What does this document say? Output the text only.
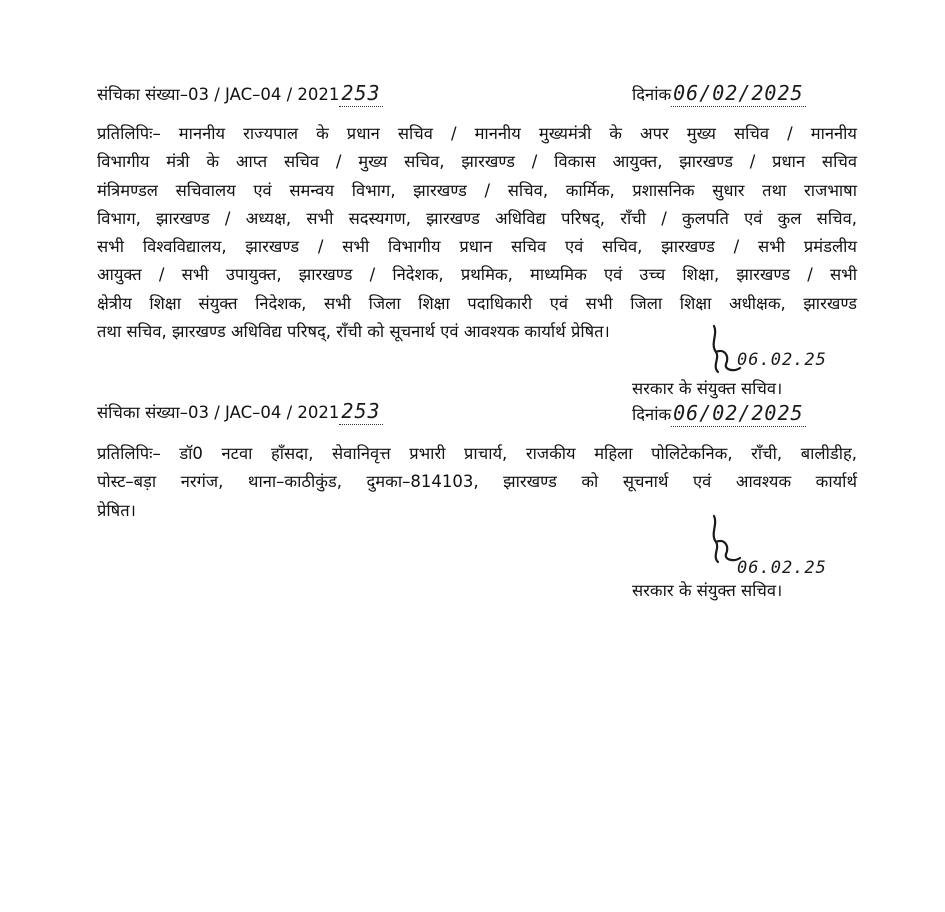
संचिका संख्या–03 / JAC–04 / 2021 253	दिनांक 06/02/2025
प्रतिलिपिः– माननीय राज्यपाल के प्रधान सचिव / माननीय मुख्यमंत्री के अपर मुख्य सचिव / माननीय
विभागीय मंत्री के आप्त सचिव / मुख्य सचिव, झारखण्ड / विकास आयुक्त, झारखण्ड / प्रधान सचिव
मंत्रिमण्डल सचिवालय एवं समन्वय विभाग, झारखण्ड / सचिव, कार्मिक, प्रशासनिक सुधार तथा राजभाषा
विभाग, झारखण्ड / अध्यक्ष, सभी सदस्यगण, झारखण्ड अधिविद्य परिषद्, राँची / कुलपति एवं कुल सचिव,
सभी विश्वविद्यालय, झारखण्ड / सभी विभागीय प्रधान सचिव एवं सचिव, झारखण्ड / सभी प्रमंडलीय
आयुक्त / सभी उपायुक्त, झारखण्ड / निदेशक, प्रथमिक, माध्यमिक एवं उच्च शिक्षा, झारखण्ड / सभी
क्षेत्रीय शिक्षा संयुक्त निदेशक, सभी जिला शिक्षा पदाधिकारी एवं सभी जिला शिक्षा अधीक्षक, झारखण्ड
तथा सचिव, झारखण्ड अधिविद्य परिषद्, राँची को सूचनार्थ एवं आवश्यक कार्यार्थ प्रेषित।
06.02.25
सरकार के संयुक्त सचिव।
संचिका संख्या–03 / JAC–04 / 2021 253	दिनांक 06/02/2025
प्रतिलिपिः– डॉ0 नटवा हाँसदा, सेवानिवृत्त प्रभारी प्राचार्य, राजकीय महिला पोलिटेकनिक, राँची, बालीडीह,
पोस्ट–बड़ा नरगंज, थाना–काठीकुंड, दुमका–814103, झारखण्ड को सूचनार्थ एवं आवश्यक कार्यार्थ
प्रेषित।
06.02.25
सरकार के संयुक्त सचिव।
